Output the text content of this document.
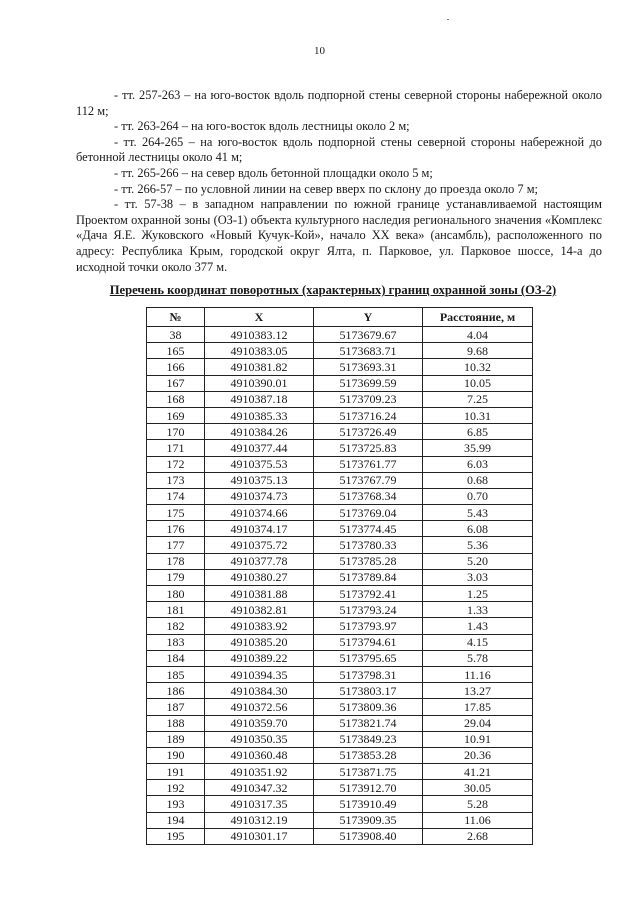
10

- тт. 257-263 – на юго-восток вдоль подпорной стены северной стороны набережной около 112 м;

- тт. 263-264 – на юго-восток вдоль лестницы около 2 м;

- тт. 264-265 – на юго-восток вдоль подпорной стены северной стороны набережной до бетонной лестницы около 41 м;

- тт. 265-266 – на север вдоль бетонной площадки около 5 м;

- тт. 266-57 – по условной линии на север вверх по склону до проезда около 7 м;

- тт. 57-38 – в западном направлении по южной границе устанавливаемой настоящим Проектом охранной зоны (ОЗ-1) объекта культурного наследия регионального значения «Комплекс «Дача Я.Е. Жуковского «Новый Кучук-Кой», начало XX века» (ансамбль), расположенного по адресу: Республика Крым, городской округ Ялта, п. Парковое, ул. Парковое шоссе, 14-а до исходной точки около 377 м.

Перечень координат поворотных (характерных) границ охранной зоны (ОЗ-2)
№	X	Y	Расстояние, м
38	4910383.12	5173679.67	4.04
165	4910383.05	5173683.71	9.68
166	4910381.82	5173693.31	10.32
167	4910390.01	5173699.59	10.05
168	4910387.18	5173709.23	7.25
169	4910385.33	5173716.24	10.31
170	4910384.26	5173726.49	6.85
171	4910377.44	5173725.83	35.99
172	4910375.53	5173761.77	6.03
173	4910375.13	5173767.79	0.68
174	4910374.73	5173768.34	0.70
175	4910374.66	5173769.04	5.43
176	4910374.17	5173774.45	6.08
177	4910375.72	5173780.33	5.36
178	4910377.78	5173785.28	5.20
179	4910380.27	5173789.84	3.03
180	4910381.88	5173792.41	1.25
181	4910382.81	5173793.24	1.33
182	4910383.92	5173793.97	1.43
183	4910385.20	5173794.61	4.15
184	4910389.22	5173795.65	5.78
185	4910394.35	5173798.31	11.16
186	4910384.30	5173803.17	13.27
187	4910372.56	5173809.36	17.85
188	4910359.70	5173821.74	29.04
189	4910350.35	5173849.23	10.91
190	4910360.48	5173853.28	20.36
191	4910351.92	5173871.75	41.21
192	4910347.32	5173912.70	30.05
193	4910317.35	5173910.49	5.28
194	4910312.19	5173909.35	11.06
195	4910301.17	5173908.40	2.68
